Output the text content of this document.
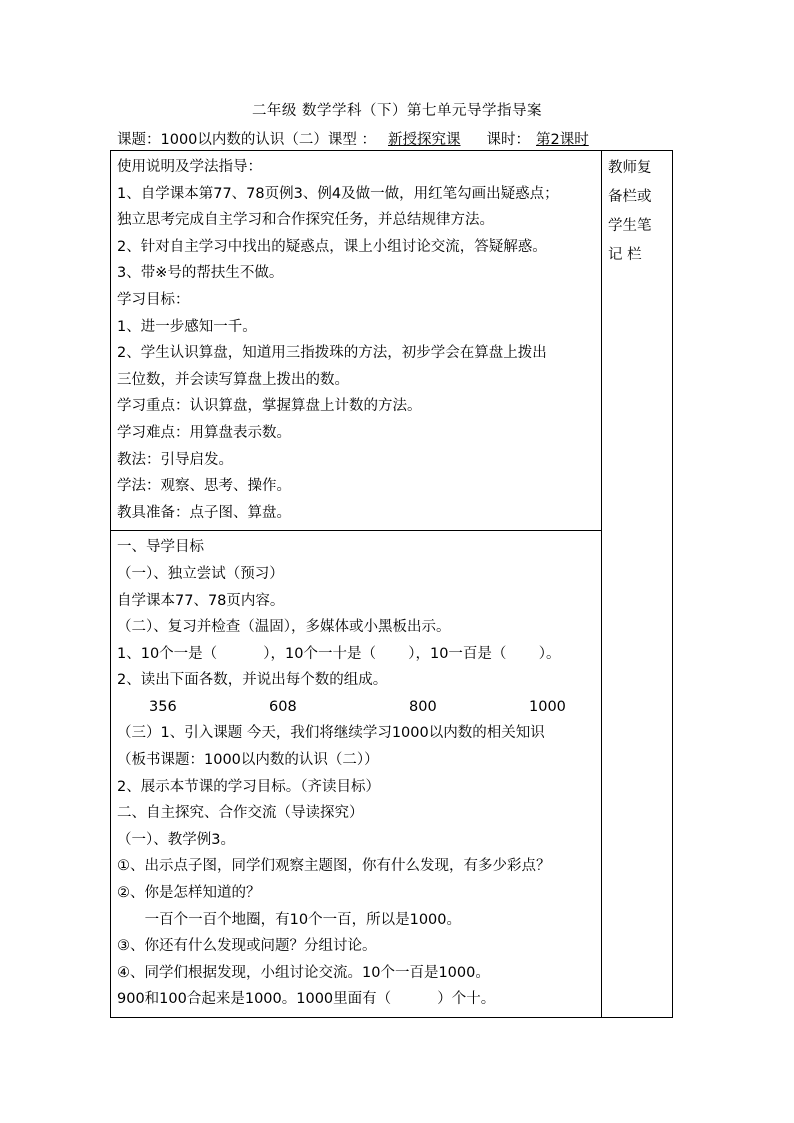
二年级 数学学科（下）第七单元导学指导案
课题：1000以内数的认识（二）课型 ： 新授探究课 课时： 第2课时
使用说明及学法指导：
1、自学课本第77、78页例3、例4及做一做，用红笔勾画出疑惑点；
独立思考完成自主学习和合作探究任务，并总结规律方法。
2、针对自主学习中找出的疑惑点，课上小组讨论交流，答疑解惑。
3、带※号的帮扶生不做。
学习目标：
1、进一步感知一千。
2、学生认识算盘，知道用三指拨珠的方法，初步学会在算盘上拨出
三位数，并会读写算盘上拨出的数。
学习重点：认识算盘，掌握算盘上计数的方法。
学习难点：用算盘表示数。
教法：引导启发。
学法：观察、思考、操作。
教具准备：点子图、算盘。

教师复
备栏或
学生笔
记 栏

一、导学目标
（一）、独立尝试（预习）
自学课本77、78页内容。
（二）、复习并检查（温固），多媒体或小黑板出示。
1、10个一是（          ），10个一十是（       ），10一百是（       ）。
2、读出下面各数，并说出每个数的组成。
356	608	800	1000
（三）1、引入课题 今天，我们将继续学习1000以内数的相关知识
（板书课题：1000以内数的认识（二））
2、展示本节课的学习目标。（齐读目标）
二、自主探究、合作交流（导读探究）
（一）、教学例3。
①、出示点子图，同学们观察主题图，你有什么发现，有多少彩点？
②、你是怎样知道的？
一百个一百个地圈，有10个一百，所以是1000。
③、你还有什么发现或问题？分组讨论。
④、同学们根据发现，小组讨论交流。10个一百是1000。
900和100合起来是1000。1000里面有（          ）个十。
